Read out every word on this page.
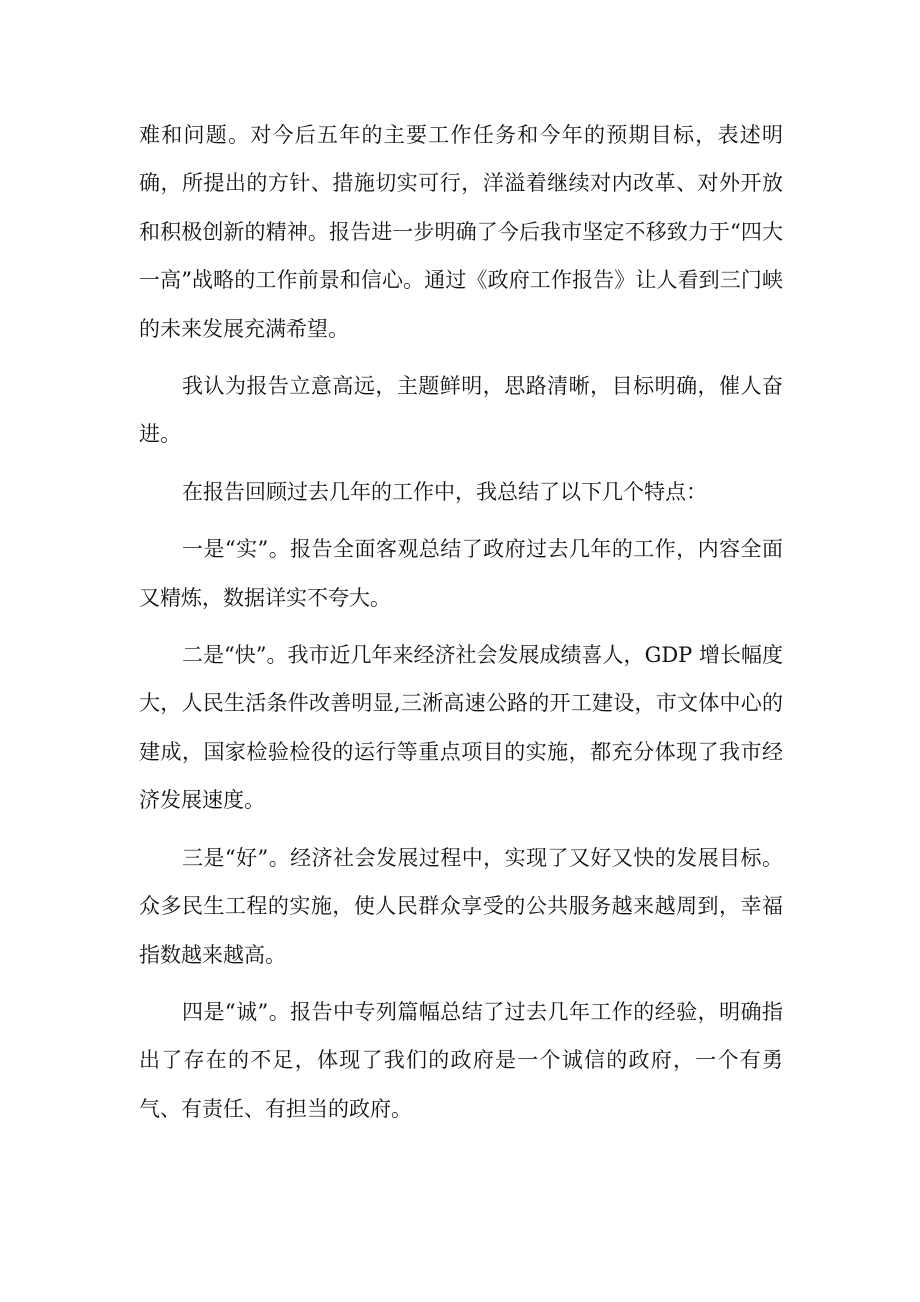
难和问题。对今后五年的主要工作任务和今年的预期目标，表述明确，所提出的方针、措施切实可行，洋溢着继续对内改革、对外开放和积极创新的精神。报告进一步明确了今后我市坚定不移致力于“四大一高”战略的工作前景和信心。通过《政府工作报告》让人看到三门峡的未来发展充满希望。

我认为报告立意高远，主题鲜明，思路清晰，目标明确，催人奋进。

在报告回顾过去几年的工作中，我总结了以下几个特点：

一是“实”。报告全面客观总结了政府过去几年的工作，内容全面又精炼，数据详实不夸大。

二是“快”。我市近几年来经济社会发展成绩喜人，GDP 增长幅度大，人民生活条件改善明显,三淅高速公路的开工建设，市文体中心的建成，国家检验检役的运行等重点项目的实施，都充分体现了我市经济发展速度。

三是“好”。经济社会发展过程中，实现了又好又快的发展目标。众多民生工程的实施，使人民群众享受的公共服务越来越周到，幸福指数越来越高。

四是“诚”。报告中专列篇幅总结了过去几年工作的经验，明确指出了存在的不足，体现了我们的政府是一个诚信的政府，一个有勇气、有责任、有担当的政府。
